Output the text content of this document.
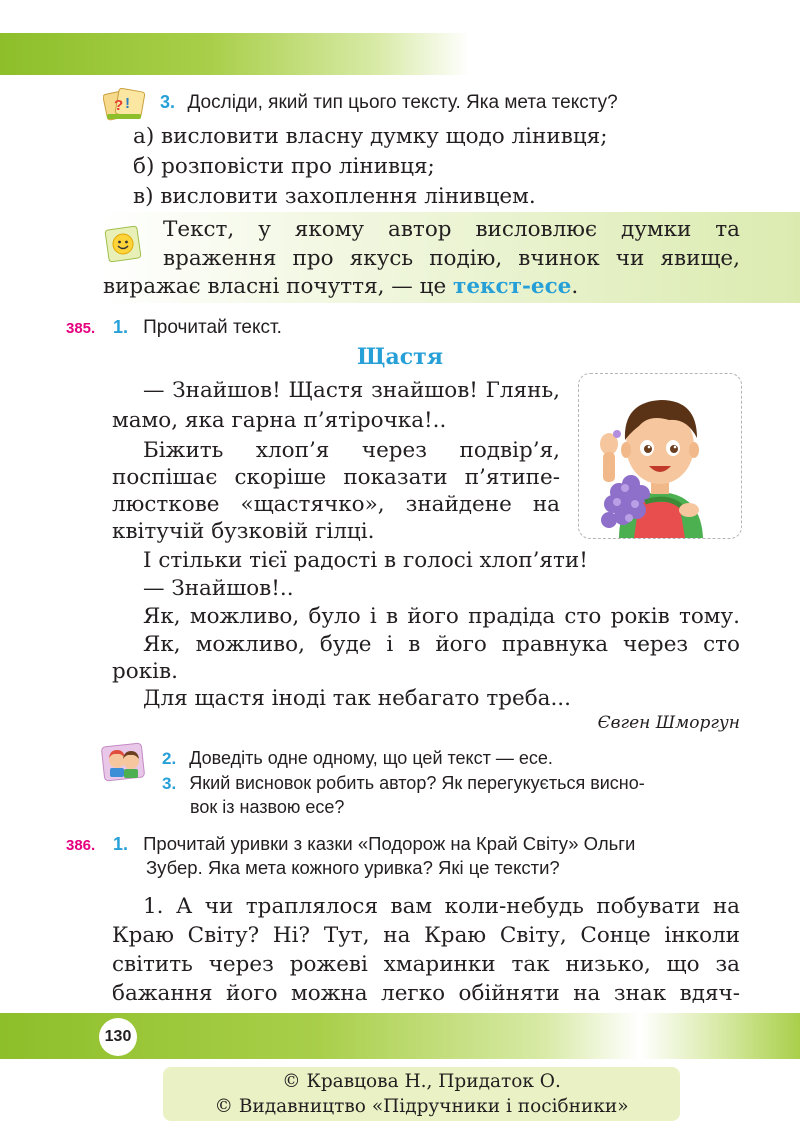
? ! 3. Досліди, який тип цього тексту. Яка мета тексту?
а) висловити власну думку щодо лінивця;
б) розповісти про лінивця;
в) висловити захоплення лінивцем.
Текст, у якому автор висловлює думки та
враження про якусь подію, вчинок чи явище,
виражає власні почуття, — це текст-есе.
385. 1. Прочитай текст.
Щастя
— Знайшов! Щастя знайшов! Глянь,
мамо, яка гарна п’ятірочка!..
Біжить хлоп’я через подвір’я,
поспішає скоріше показати п’ятипе-
люсткове «щастячко», знайдене на
квітучій бузковій гілці.
І стільки тієї радості в голосі хлоп’яти!
— Знайшов!..
Як, можливо, було і в його прадіда сто років тому.
Як, можливо, буде і в його правнука через сто
років.
Для щастя іноді так небагато треба...
Євген Шморгун
2. Доведіть одне одному, що цей текст — есе.
3. Який висновок робить автор? Як перегукується висно-
вок із назвою есе?
386. 1. Прочитай уривки з казки «Подорож на Край Світу» Ольги
Зубер. Яка мета кожного уривка? Які це тексти?
1. А чи траплялося вам коли-небудь побувати на
Краю Світу? Ні? Тут, на Краю Світу, Сонце інколи
світить через рожеві хмаринки так низько, що за
бажання його можна легко обійняти на знак вдяч-
130
© Кравцова Н., Придаток О.
© Видавництво «Підручники і посібники»
